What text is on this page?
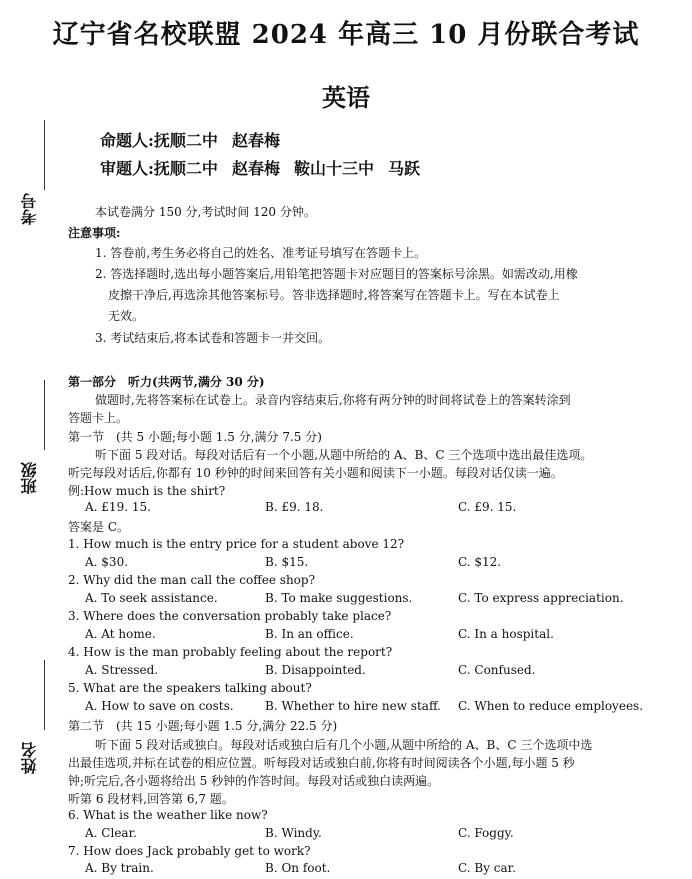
辽宁省名校联盟 2024 年高三 10 月份联合考试
英语
命题人:抚顺二中 赵春梅
审题人:抚顺二中 赵春梅 鞍山十三中 马跃
考号
班级
姓名
本试卷满分 150 分,考试时间 120 分钟。
注意事项:
1. 答卷前,考生务必将自己的姓名、准考证号填写在答题卡上。
2. 答选择题时,选出每小题答案后,用铅笔把答题卡对应题目的答案标号涂黑。如需改动,用橡
皮擦干净后,再选涂其他答案标号。答非选择题时,将答案写在答题卡上。写在本试卷上
无效。
3. 考试结束后,将本试卷和答题卡一并交回。
第一部分　听力(共两节,满分 30 分)
做题时,先将答案标在试卷上。录音内容结束后,你将有两分钟的时间将试卷上的答案转涂到
答题卡上。
第一节　(共 5 小题;每小题 1.5 分,满分 7.5 分)
听下面 5 段对话。每段对话后有一个小题,从题中所给的 A、B、C 三个选项中选出最佳选项。
听完每段对话后,你都有 10 秒钟的时间来回答有关小题和阅读下一小题。每段对话仅读一遍。
例:How much is the shirt?
A. £19. 15.	B. £9. 18.	C. £9. 15.
答案是 C。
1. How much is the entry price for a student above 12?
A. $30.	B. $15.	C. $12.
2. Why did the man call the coffee shop?
A. To seek assistance.	B. To make suggestions.	C. To express appreciation.
3. Where does the conversation probably take place?
A. At home.	B. In an office.	C. In a hospital.
4. How is the man probably feeling about the report?
A. Stressed.	B. Disappointed.	C. Confused.
5. What are the speakers talking about?
A. How to save on costs.	B. Whether to hire new staff. C. When to reduce employees.
第二节　(共 15 小题;每小题 1.5 分,满分 22.5 分)
听下面 5 段对话或独白。每段对话或独白后有几个小题,从题中所给的 A、B、C 三个选项中选
出最佳选项,并标在试卷的相应位置。听每段对话或独白前,你将有时间阅读各个小题,每小题 5 秒
钟;听完后,各小题将给出 5 秒钟的作答时间。每段对话或独白读两遍。
听第 6 段材料,回答第 6,7 题。
6. What is the weather like now?
A. Clear.	B. Windy.	C. Foggy.
7. How does Jack probably get to work?
A. By train.	B. On foot.	C. By car.
